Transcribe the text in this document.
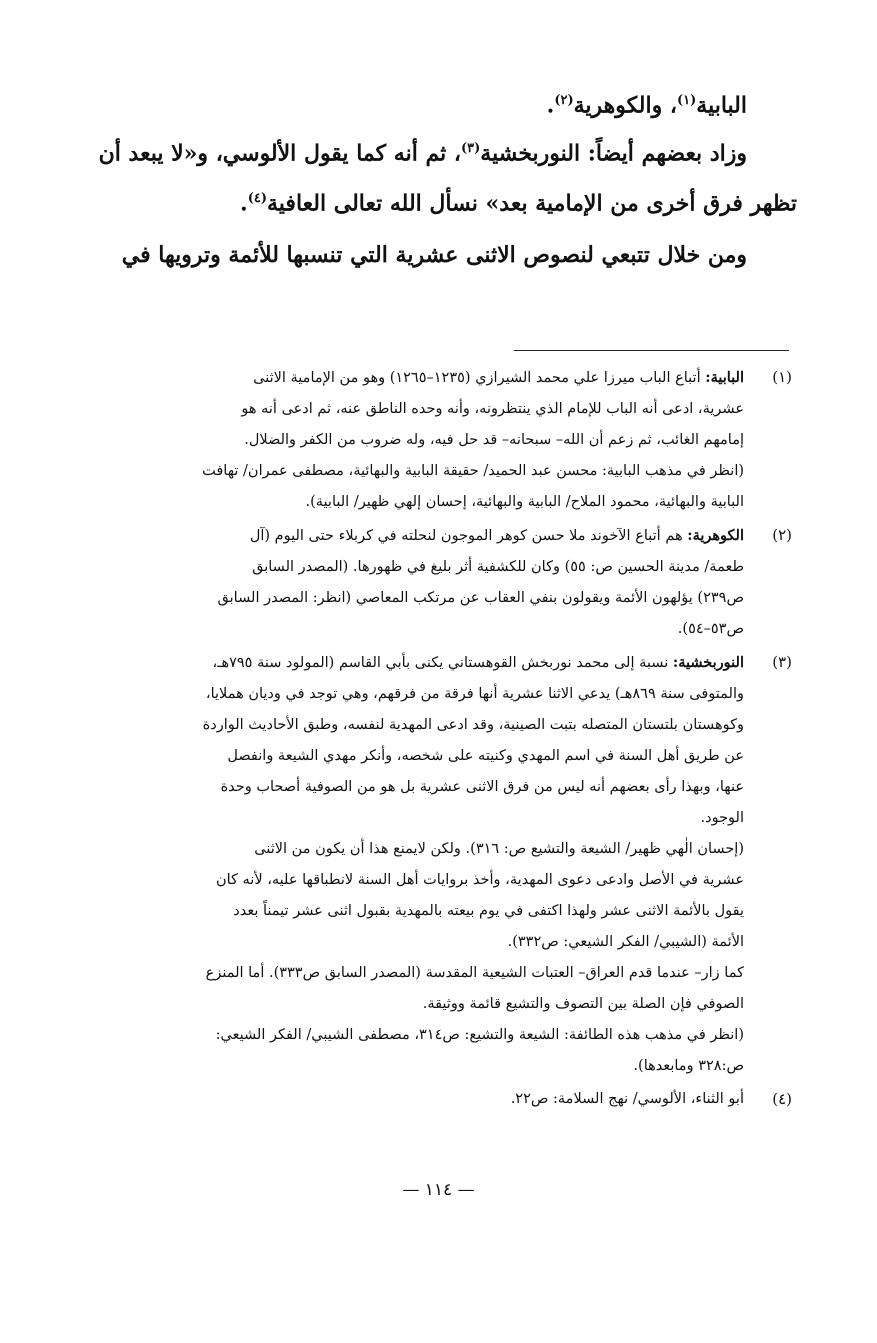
البابية$^{(١)}$، والكوهرية$^{(٢)}$.

وزاد بعضهم أيضاً: النوربخشية$^{(٣)}$، ثم أنه كما يقول الألوسي، و«لا يبعد أن

تظهر فرق أخرى من الإمامية بعد» نسأل الله تعالى العافية$^{(٤)}$.

ومن خلال تتبعي لنصوص الاثنى عشرية التي تنسبها للأئمة وترويها في

(١)
البابية: أتباع الباب ميرزا علي محمد الشيرازي (١٢٣٥–١٢٦٥) وهو من الإمامية الاثنى
عشرية، ادعى أنه الباب للإمام الذي ينتظرونه، وأنه وحده الناطق عنه، ثم ادعى أنه هو
إمامهم الغائب، ثم زعم أن الله– سبحانه– قد حل فيه، وله ضروب من الكفر والضلال.
(انظر في مذهب البابية: محسن عبد الحميد/ حقيقة البابية والبهائية، مصطفى عمران/ تهافت
البابية والبهائية، محمود الملاح/ البابية والبهائية، إحسان إلهي ظهير/ البابية).
(٢)
الكوهرية: هم أتباع الآخوند ملا حسن كوهر الموجون لنحلته في كربلاء حتى اليوم (آل
طعمة/ مدينة الحسين ص: ٥٥) وكان للكشفية أثر بليغ في ظهورها. (المصدر السابق
ص٢٣٩) يؤلهون الأئمة ويقولون بنفي العقاب عن مرتكب المعاصي (انظر: المصدر السابق
ص٥٣–٥٤).
(٣)
النوربخشية: نسبة إلى محمد نوربخش القوهستاني يكنى بأبي القاسم (المولود سنة ٧٩٥هـ،
والمتوفى سنة ٨٦٩هـ) يدعي الاثنا عشرية أنها فرقة من فرقهم، وهي توجد في وديان هملايا،
وكوهستان بلتستان المتصله بتبت الصينية، وقد ادعى المهدية لنفسه، وطبق الأحاديث الواردة
عن طريق أهل السنة في اسم المهدي وكنيته على شخصه، وأنكر مهدي الشيعة وانفصل
عنها، وبهذا رأى بعضهم أنه ليس من فرق الاثنى عشرية بل هو من الصوفية أصحاب وحدة
الوجود.
(إحسان الٰهي ظهير/ الشيعة والتشيع ص: ٣١٦). ولكن لايمنع هذا أن يكون من الاثنى
عشرية في الأصل وادعى دعوى المهدية، وأخذ بروايات أهل السنة لانطباقها عليه، لأنه كان
يقول بالأئمة الاثنى عشر ولهذا اكتفى في يوم بيعته بالمهدية بقبول اثنى عشر تيمناً بعدد
الأئمة (الشيبي/ الفكر الشيعي: ص٣٣٢).
كما زار– عندما قدم العراق– العتبات الشيعية المقدسة (المصدر السابق ص٣٣٣). أما المنزع
الصوفي فإن الصلة بين التصوف والتشيع قائمة ووثيقة.
(انظر في مذهب هذه الطائفة: الشيعة والتشيع: ص٣١٤، مصطفى الشيبي/ الفكر الشيعي:
ص:٣٢٨ ومابعدها).
(٤)
أبو الثناء، الألوسي/ نهج السلامة: ص٢٢.
— ١١٤ —
